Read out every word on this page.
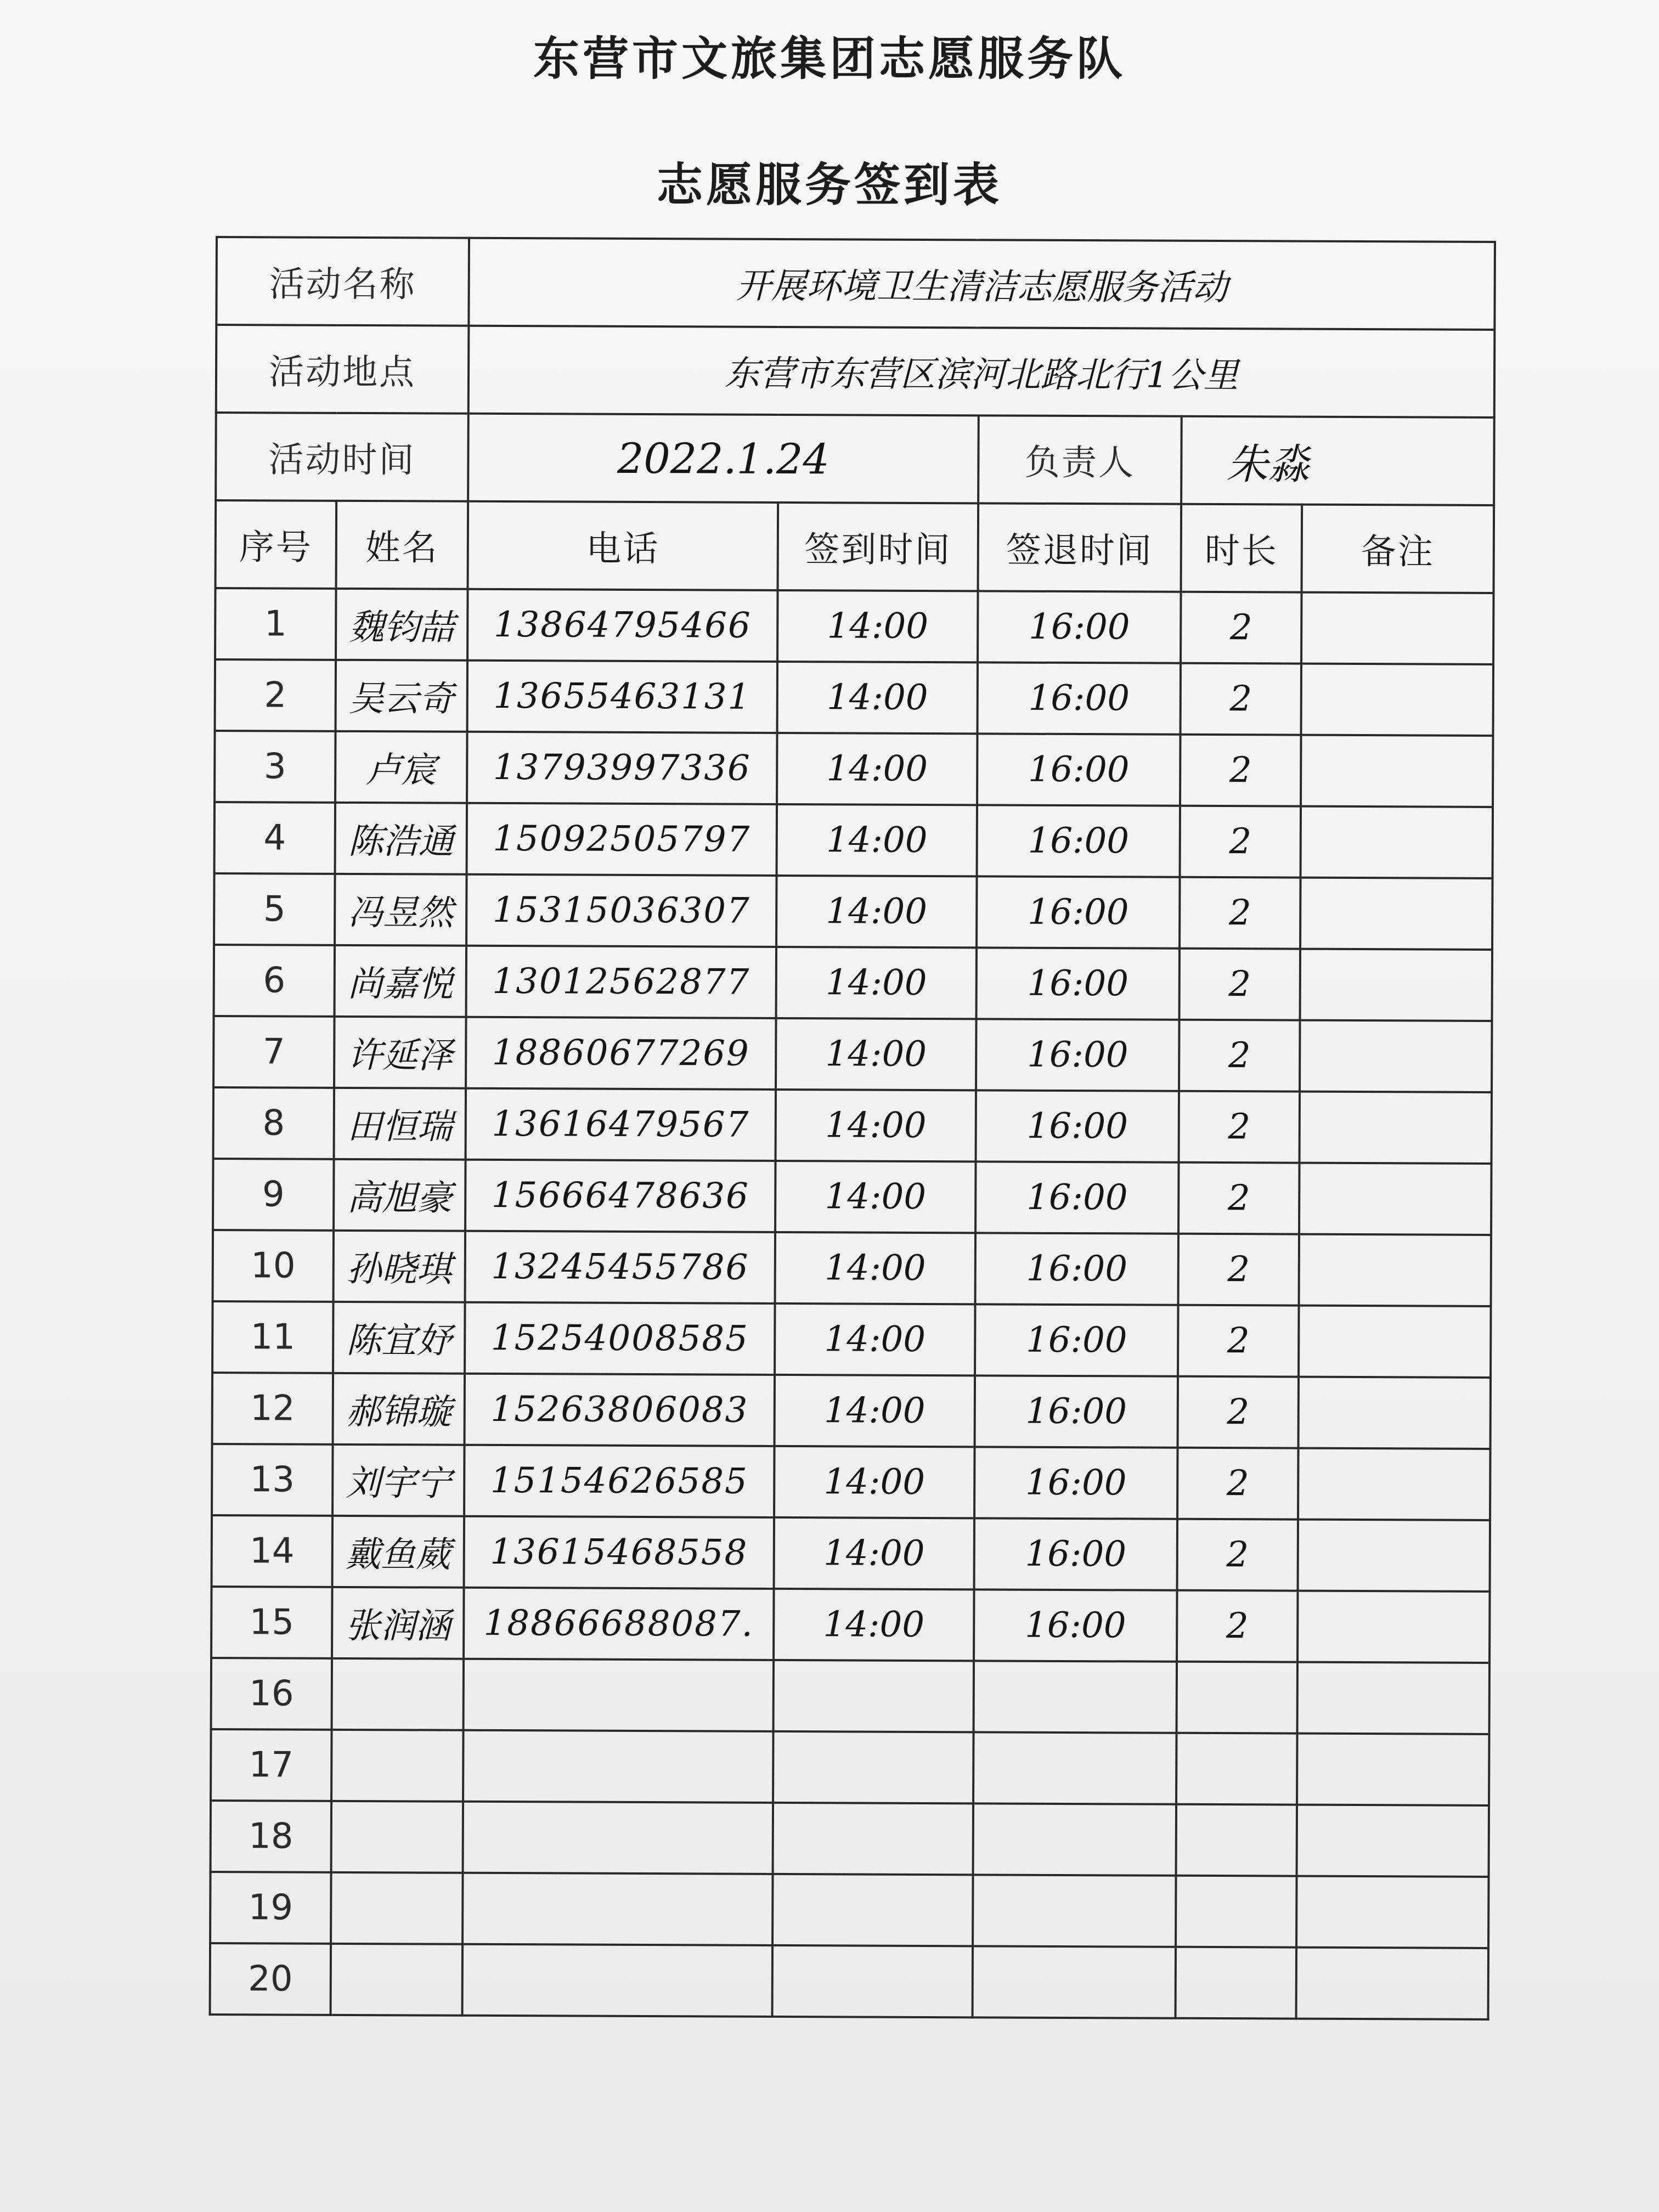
东营市文旅集团志愿服务队
志愿服务签到表
活动名称		开展环境卫生清洁志愿服务活动				
活动地点		东营市东营区滨河北路北行1公里				
活动时间		2022.1.24		负责人	朱淼	
序号	姓名	电话	签到时间	签退时间	时长	备注
1	魏钧喆	13864795466	14:00	16:00	2	
2	吴云奇	13655463131	14:00	16:00	2	
3	卢宸	13793997336	14:00	16:00	2	
4	陈浩通	15092505797	14:00	16:00	2	
5	冯昱然	15315036307	14:00	16:00	2	
6	尚嘉悦	13012562877	14:00	16:00	2	
7	许延泽	18860677269	14:00	16:00	2	
8	田恒瑞	13616479567	14:00	16:00	2	
9	高旭豪	15666478636	14:00	16:00	2	
10	孙晓琪	13245455786	14:00	16:00	2	
11	陈宜妤	15254008585	14:00	16:00	2	
12	郝锦璇	15263806083	14:00	16:00	2	
13	刘宇宁	15154626585	14:00	16:00	2	
14	戴鱼葳	13615468558	14:00	16:00	2	
15	张润涵	18866688087.	14:00	16:00	2	
16						
17						
18						
19						
20						
